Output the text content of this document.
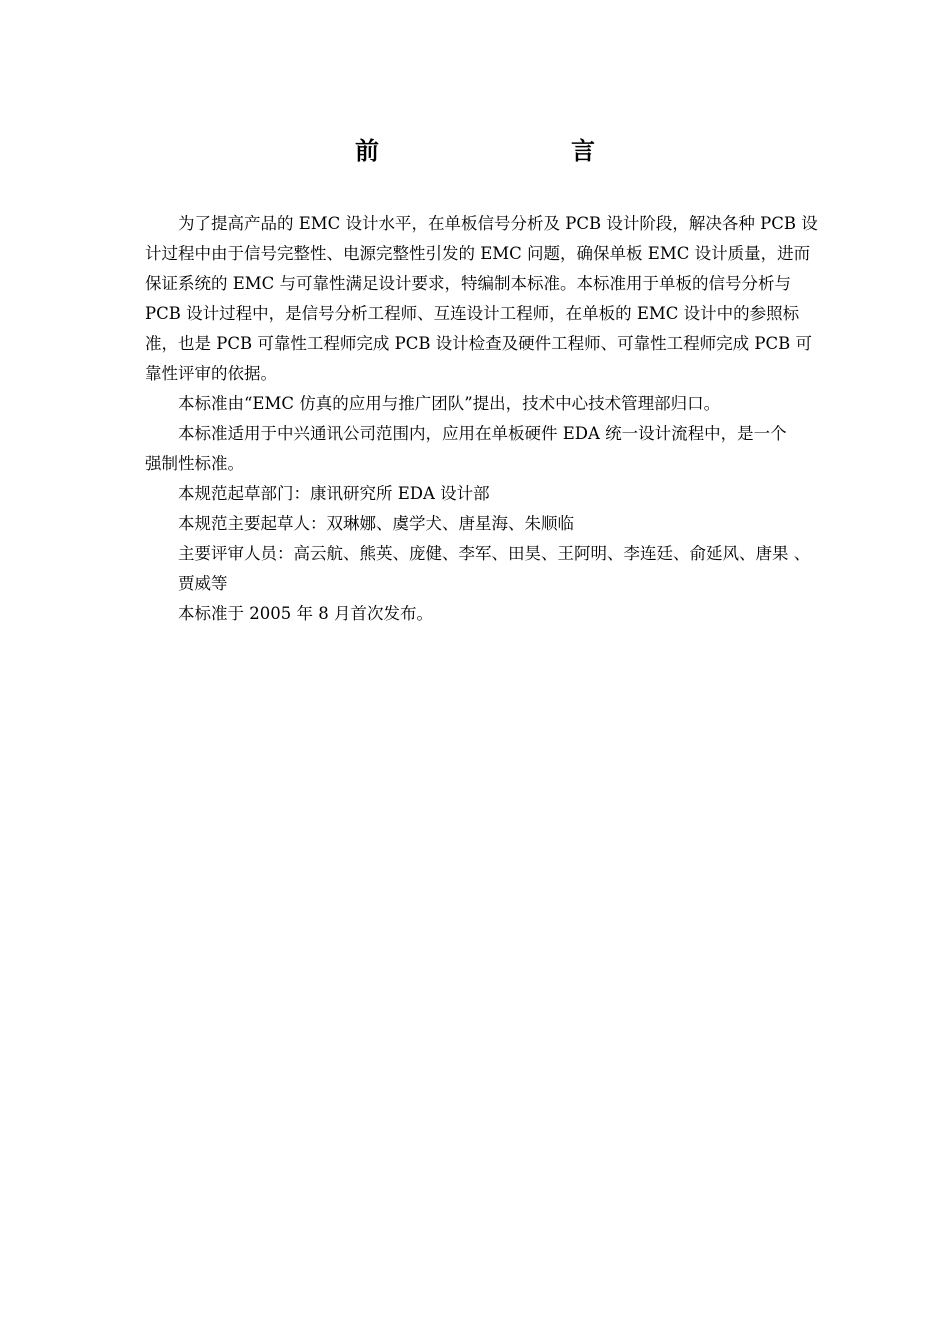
前　　言
为了提高产品的 EMC 设计水平，在单板信号分析及 PCB 设计阶段，解决各种 PCB 设
计过程中由于信号完整性、电源完整性引发的 EMC 问题，确保单板 EMC 设计质量，进而
保证系统的 EMC 与可靠性满足设计要求，特编制本标准。本标准用于单板的信号分析与
PCB 设计过程中，是信号分析工程师、互连设计工程师，在单板的 EMC 设计中的参照标
准，也是 PCB 可靠性工程师完成 PCB 设计检查及硬件工程师、可靠性工程师完成 PCB 可
靠性评审的依据。
本标准由“EMC 仿真的应用与推广团队”提出，技术中心技术管理部归口。
本标准适用于中兴通讯公司范围内，应用在单板硬件 EDA 统一设计流程中，是一个
强制性标准。
本规范起草部门：康讯研究所 EDA 设计部
本规范主要起草人：双琳娜、虞学犬、唐星海、朱顺临
主要评审人员：高云航、熊英、庞健、李军、田昊、王阿明、李连廷、俞延风、唐果 、
贾威等
本标准于 2005 年 8 月首次发布。
